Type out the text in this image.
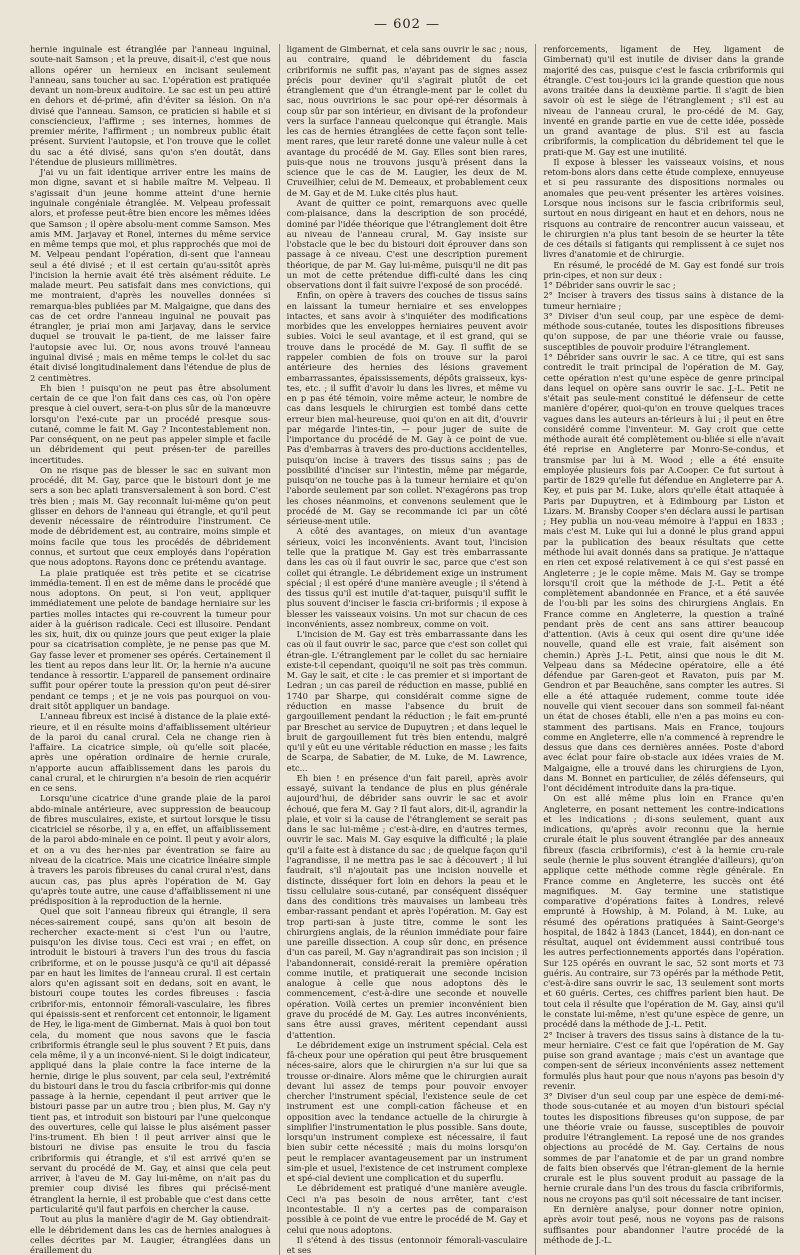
— 602 —

hernie inguinale est étranglée par l'anneau inguinal, soute-nait Samson ; et la preuve, disait-il, c'est que nous allons opérer un hernieux en incisant seulement l'anneau, sans toucher au sac. L'opération est pratiquée devant un nom-breux auditoire. Le sac est un peu attiré en dehors et dé-primé, afin d'éviter sa lésion. On n'a divisé que l'anneau. Samson, ce praticien si habile et si consciencieux, l'affirme ; ses internes, hommes de premier mérite, l'affirment ; un nombreux public était présent. Survient l'autopsie, et l'on trouve que le collet du sac a été divisé, sans qu'on s'en doutât, dans l'étendue de plusieurs millimètres.

J'ai vu un fait identique arriver entre les mains de mon digne, savant et si habile maître M. Velpeau. Il s'agissait d'un jeune homme atteint d'une hernie inguinale congéniale étranglée. M. Velpeau professait alors, et professe peut-être bien encore les mêmes idées que Samson ; il opère absolu-ment comme Samson. Mes amis MM. Jarjavay et Ronel, internes du même service en même temps que moi, et plus rapprochés que moi de M. Velpeau pendant l'opération, di-sent que l'anneau seul a été divisé ; et il est certain qu'au-ssitôt après l'incision la hernie avait été très aisément réduite. Le malade meurt. Peu satisfait dans mes convictions, qui me montraient, d'après les nouvelles données si remarqua-bles publiées par M. Malgaigne, que dans des cas de cet ordre l'anneau inguinal ne pouvait pas étrangler, je priai mon ami Jarjavay, dans le service duquel se trouvait le pa-tient, de me laisser faire l'autopsie avec lui. Or, nous avons trouvé l'anneau inguinal divisé ; mais en même temps le col-let du sac était divisé longitudinalement dans l'étendue de plus de 2 centimètres.

Eh bien ! puisqu'on ne peut pas être absolument certain de ce que l'on fait dans ces cas, où l'on opère presque à ciel ouvert, sera-t-on plus sûr de la manœuvre lorsqu'on l'exé-cute par un procédé presque sous-cutané, comme le fait M. Gay ? Incontestablement non. Par conséquent, on ne peut pas appeler simple et facile un débridement qui peut présen-ter de pareilles incertitudes.

On ne risque pas de blesser le sac en suivant mon procédé, dit M. Gay, parce que le bistouri dont je me sers a son bec aplati transversalement à son bord. C'est très bien ; mais M. Gay reconnaît lui-même qu'on peut glisser en dehors de l'anneau qui étrangle, et qu'il peut devenir nécessaire de réintroduire l'instrument. Ce mode de débridement est, au contraire, moins simple et moins facile que tous les procédés de débridement connus, et surtout que ceux employés dans l'opération que nous adoptons. Rayons donc ce prétendu avantage.

La plaie pratiquée est très petite et se cicatrise immédia-tement. Il en est de même dans le procédé que nous adoptons. On peut, si l'on veut, appliquer immédiatement une pelote de bandage herniaire sur les parties molles intactes qui re-couvrent la tumeur pour aider à la guérison radicale. Ceci est illusoire. Pendant les six, huit, dix ou quinze jours que peut exiger la plaie pour sa cicatrisation complète, je ne pense pas que M. Gay fasse lever et promener ses opérés. Certainement il les tient au repos dans leur lit. Or, la hernie n'a aucune tendance à ressortir. L'appareil de pansement ordinaire suffit pour opérer toute la pression qu'on peut dé-sirer pendant ce temps ; et je ne vois pas pourquoi on vou-drait sitôt appliquer un bandage.

L'anneau fibreux est incisé à distance de la plaie exté-rieure, et il en résulte moins d'affaiblissement ultérieur de la paroi du canal crural. Cela ne change rien à l'affaire. La cicatrice simple, où qu'elle soit placée, après une opération ordinaire de hernie crurale, n'apporte aucun affaiblissement dans les parois du canal crural, et le chirurgien n'a besoin de rien acquérir en ce sens.

Lorsqu'une cicatrice d'une grande plaie de la paroi abdo-minale antérieure, avec suppression de beaucoup de fibres musculaires, existe, et surtout lorsque le tissu cicatriciel se résorbe, il y a, en effet, un affaiblissement de la paroi abdo-minale en ce point. Il peut y avoir alors, et on a vu des her-nies par éventration se faire au niveau de la cicatrice. Mais une cicatrice linéaire simple à travers les parois fibreuses du canal crural n'est, dans aucun cas, pas plus après l'opération de M. Gay qu'après toute autre, une cause d'affaiblissement ni une prédisposition à la reproduction de la hernie.

Quel que soit l'anneau fibreux qui étrangle, il sera néces-sairement coupé, sans qu'on ait besoin de rechercher exacte-ment si c'est l'un ou l'autre, puisqu'on les divise tous. Ceci est vrai ; en effet, on introduit le bistouri à travers l'un des trous du fascia cribriforme, et on le pousse jusqu'à ce qu'il ait dépassé par en haut les limites de l'anneau crural. Il est certain alors qu'en agissant soit en dedans, soit en avant, le bistouri coupe toutes les cordes fibreuses : fascia cribrifor-mis, entonnoir fémorali-vasculaire, les fibres qui épaissis-sent et renforcent cet entonnoir, le ligament de Hey, le liga-ment de Gimbernat. Mais à quoi bon tout cela, du moment que nous savons que le fascia cribriformis étrangle seul le plus souvent ? Et puis, dans cela même, il y a un inconvé-nient. Si le doigt indicateur, appliqué dans la plaie contre la face interne de la hernie, dirige le plus souvent, par cela seul, l'extrémité du bistouri dans le trou du fascia cribrifor-mis qui donne passage à la hernie, cependant il peut arriver que le bistouri passe par un autre trou ; bien plus, M. Gay n'y tient pas, et introduit son bistouri par l'une quelconque des ouvertures, celle qui laisse le plus aisément passer l'ins-trument. Eh bien ! il peut arriver ainsi que le bistouri ne divise pas ensuite le trou du fascia cribriformis qui étrangle, et s'il est arrivé qu'en se servant du procédé de M. Gay, et ainsi que cela peut arriver, à l'aveu de M. Gay lui-même, on n'ait pas du premier coup divisé les fibres qui précisé-ment étranglent la hernie, il est probable que c'est dans cette particularité qu'il faut parfois en chercher la cause.

Tout au plus la manière d'agir de M. Gay obtiendrait-elle le débridement dans les cas de hernies analogues à celles décrites par M. Laugier, étranglées dans un éraillement du

ligament de Gimbernat, et cela sans ouvrir le sac ; nous, au contraire, quand le débridement du fascia cribriformis ne suffit pas, n'ayant pas de signes assez précis pour deviner qu'il s'agirait plutôt de cet étranglement que d'un étrangle-ment par le collet du sac, nous ouvririons le sac pour opé-rer désormais à coup sûr par son intérieur, en divisant de la profondeur vers la surface l'anneau quelconque qui étrangle. Mais les cas de hernies étranglées de cette façon sont telle-ment rares, que leur rareté donne une valeur nulle à cet avantage du procédé de M. Gay. Elles sont bien rares, puis-que nous ne trouvons jusqu'à présent dans la science que le cas de M. Laugier, les deux de M. Cruveilhier, celui de M. Demeaux, et probablement ceux de M. Gay et de M. Luke cités plus haut.

Avant de quitter ce point, remarquons avec quelle com-plaisance, dans la description de son procédé, dominé par l'idée théorique que l'étranglement doit être au niveau de l'anneau crural, M. Gay insiste sur l'obstacle que le bec du bistouri doit éprouver dans son passage à ce niveau. C'est une description purement théorique, de par M. Gay lui-même, puisqu'il ne dit pas un mot de cette prétendue diffi-culté dans les cinq observations dont il fait suivre l'exposé de son procédé.

Enfin, on opère à travers des couches de tissus sains en laissant la tumeur herniaire et ses enveloppes intactes, et sans avoir à s'inquiéter des modifications morbides que les enveloppes herniaires peuvent avoir subies. Voici le seul avantage, et il est grand, qui se trouve dans le procédé de M. Gay. Il suffit de se rappeler combien de fois on trouve sur la paroi antérieure des hernies des lésions gravement embarrassantes, épaississements, dépôts graisseux, kys-tes, etc. ; il suffit d'avoir lu dans les livres, et même vu en p pas été témoin, voire même acteur, le nombre de cas dans lesquels le chirurgien est tombé dans cette erreur bien mal-heureuse, quoi qu'on en ait dit, d'ouvrir par mégarde l'intes-tin, — pour juger de suite de l'importance du procédé de M. Gay à ce point de vue. Pas d'embarras à travers des pro-ductions accidentelles, puisqu'on incise à travers des tissus sains ; pas de possibilité d'inciser sur l'intestin, même par mégarde, puisqu'on ne touche pas à la tumeur herniaire et qu'on l'aborde seulement par son collet. N'exagérons pas trop les choses néanmoins, et convenons seulement que le procédé de M. Gay se recommande ici par un côté sérieuse-ment utile.

A côté des avantages, on mieux d'un avantage sérieux, voici les inconvénients. Avant tout, l'incision telle que la pratique M. Gay est très embarrassante dans les cas où il faut ouvrir le sac, parce que c'est son collet qui étrangle. Le débridement exige un instrument spécial ; il est opéré d'une manière aveugle ; il s'étend à des tissus qu'il est inutile d'at-taquer, puisqu'il suffit le plus souvent d'inciser le fascia cri-briformis ; il expose à blesser les vaisseaux voisins. Un mot sur chacun de ces inconvénients, assez nombreux, comme on voit.

L'incision de M. Gay est très embarrassante dans les cas où il faut ouvrir le sac, parce que c'est son collet qui étran-gle. L'étranglement par le collet du sac herniaire existe-t-il cependant, quoiqu'il ne soit pas très commun. M. Gay le sait, et cite : le cas premier et si important de Ledran ; un cas pareil de réduction en masse, publié en 1740 par Sharpe, qui considérait comme signe de réduction en masse l'absence du bruit de gargouillement pendant la réduction ; le fait em-prunté par Breschet au service de Dupuytren ; et dans lequel le bruit de gargouillement fut très bien entendu, malgré qu'il y eût eu une véritable réduction en masse ; les faits de Scarpa, de Sabatier, de M. Luke, de M. Lawrence, etc...

Eh bien ! en présence d'un fait pareil, après avoir essayé, suivant la tendance de plus en plus générale aujourd'hui, de débrider sans ouvrir le sac et avoir échoué, que fera M. Gay ? Il faut alors, dit-il, agrandir la plaie, et voir si la cause de l'étranglement se serait pas dans le sac lui-même ; c'est-à-dire, en d'autres termes, ouvrir le sac. Mais M. Gay esquive la difficulté ; la plaie qu'il a faite est à distance du sac ; de quelque façon qu'il l'agrandisse, il ne mettra pas le sac à découvert ; il lui faudrait, s'il n'ajoutait pas une incision nouvelle et distincte, disséquer fort loin en dehors la peau et le tissu cellulaire sous-cutané, par conséquent disséquer dans des conditions très mauvaises un lambeau très embar-rassant pendant et après l'opération. M. Gay est trop parti-san à juste titre, comme le sont les chirurgiens anglais, de la réunion immédiate pour faire une pareille dissection. A coup sûr donc, en présence d'un cas pareil, M. Gay n'agrandirait pas son incision ; il l'abandonnerait, considé-rerait la première opération comme inutile, et pratiquerait une seconde incision analogue à celle que nous adoptons dès le commencement, c'est-à-dire une seconde et nouvelle opération. Voilà certes un premier inconvénient bien grave du procédé de M. Gay. Les autres inconvénients, sans être aussi graves, méritent cependant aussi d'attention.

Le débridement exige un instrument spécial. Cela est fâ-cheux pour une opération qui peut être brusquement néces-saire, alors que le chirurgien n'a sur lui que sa trousse or-dinaire. Alors même que le chirurgien aurait devant lui assez de temps pour pouvoir envoyer chercher l'instrument spécial, l'existence seule de cet instrument est une compli-cation fâcheuse et en opposition avec la tendance actuelle de la chirurgie à simplifier l'instrumentation le plus possible. Sans doute, lorsqu'un instrument complexe est nécessaire, il faut bien subir cette nécessité ; mais du moins lorsqu'on peut le remplacer avantageusement par un instrument sim-ple et usuel, l'existence de cet instrument complexe et spé-cial devient une complication et du superflu.

Le débridement est pratiqué d'une manière aveugle. Ceci n'a pas besoin de nous arrêter, tant c'est incontestable. Il n'y a certes pas de comparaison possible à ce point de vue entre le procédé de M. Gay et celui que nous adoptons.

Il s'étend à des tissus (entonnoir fémorali-vasculaire et ses

renforcements, ligament de Hey, ligament de Gimbernat) qu'il est inutile de diviser dans la grande majorité des cas, puisque c'est le fascia cribriformis qui étrangle. C'est tou-jours ici la grande question que nous avons traitée dans la deuxième partie. Il s'agit de bien savoir où est le siège de l'étranglement ; s'il est au niveau de l'anneau crural, le pro-cédé de M. Gay, inventé en grande partie en vue de cette idée, possède un grand avantage de plus. S'il est au fascia cribriformis, la complication du débridement tel que le prati-que M. Gay est une inutilité.

Il expose à blesser les vaisseaux voisins, et nous retom-bons alors dans cette étude complexe, ennuyeuse et si peu rassurante des dispositions normales ou anomales que peu-vent présenter les artères voisines. Lorsque nous incisons sur le fascia cribriformis seul, surtout en nous dirigeant en haut et en dehors, nous ne risquons au contraire de rencontrer aucun vaisseau, et le chirurgien n'a plus tant besoin de se heurter la tête de ces détails si fatigants qui remplissent à ce sujet nos livres d'anatomie et de chirurgie.

En résumé, le procédé de M. Gay est fondé sur trois prin-cipes, et non sur deux :

1° Débrider sans ouvrir le sac ;

2° Inciser à travers des tissus sains à distance de la tumeur herniaire ;

3° Diviser d'un seul coup, par une espèce de demi-méthode sous-cutanée, toutes les dispositions fibreuses qu'on suppose, de par une théorie vraie ou fausse, susceptibles de pouvoir produire l'étranglement.

1° Débrider sans ouvrir le sac. A ce titre, qui est sans contredit le trait principal de l'opération de M. Gay, cette opération n'est qu'une espèce de genre principal dans lequel on opère sans ouvrir le sac. J.-L. Petit ne s'était pas seule-ment constitué le défenseur de cette manière d'opérer, quoi-qu'on en trouve quelques traces vagues dans les auteurs an-térieurs à lui ; il peut en être considéré comme l'inventeur. M. Gay croit que cette méthode aurait été complètement ou-bliée si elle n'avait été reprise en Angleterre par Monro-Se-condus, et transmise par lui à M. Wood ; elle a été ensuite employée plusieurs fois par A.Cooper. Ce fut surtout à partir de 1829 qu'elle fut défendue en Angleterre par A. Key, et puis par M. Luke, alors qu'elle était attaquée à Paris par Dupuytren, et à Edimbourg par Liston et Lizars. M. Bransby Cooper s'en déclara aussi le partisan ; Hey publia un nou-veau mémoire à l'appui en 1833 ; mais c'est M. Luke qui lui a donné le plus grand appui par la publication des beaux résultats que cette méthode lui avait donnés dans sa pratique. Je n'attaque en rien cet exposé relativement à ce qui s'est passé en Angleterre ; je le copie même. Mais M. Gay se trompe lorsqu'il croit que la méthode de J.-L. Petit a été complètement abandonnée en France, et a été sauvée de l'ou-bli par les soins des chirurgiens Anglais. En France comme en Angleterre, la question a traîné pendant près de cent ans sans attirer beaucoup d'attention. (Avis à ceux qui osent dire qu'une idée nouvelle, quand elle est vraie, fait aisément son chemin.) Après J.-L. Petit, ainsi que nous le dit M. Velpeau dans sa Médecine opératoire, elle a été défendue par Garen-geot et Ravaton, puis par M. Gendron et par Beauchêne, sans compter les autres. Si elle a été attaquée rudement, comme toute idée nouvelle qui vient secouer dans son sommeil fai-néant un état de choses établi, elle n'en a pas moins eu con-stamment des partisans. Mais en France, toujours comme en Angleterre, elle n'a commencé à reprendre le dessus que dans ces dernières années. Poste d'abord avec éclat pour faire ob-stacle aux idées vraies de M. Malgaigne, elle a trouvé dans les chirurgiens de Lyon, dans M. Bonnet en particulier, de zélés défenseurs, qui l'ont décidément introduite dans la pra-tique.

On est allé même plus loin en France qu'en Angleterre, en posant nettement les contre-indications et les indications ; di-sons seulement, quant aux indications, qu'après avoir reconnu que la hernie crurale était le plus souvent étranglée par des anneaux fibreux (fascia cribriformis), c'est à la hernie cru-rale seule (hernie le plus souvent étranglée d'ailleurs), qu'on applique cette méthode comme règle générale. En France comme en Angleterre, les succès ont été magnifiques. M. Gay termine une statistique comparative d'opérations faites à Londres, relevé emprunté à Howship, à M. Poland, à M. Luke, au résumé des opérations pratiquées à Saint-George's hospital, de 1842 à 1843 (Lancet, 1844), en don-nant ce résultat, auquel ont évidemment aussi contribué tous les autres perfectionnements apportés dans l'opération. Sur 125 opérés en ouvrant le sac, 52 sont morts et 73 guéris. Au contraire, sur 73 opérés par la méthode Petit, c'est-à-dire sans ouvrir le sac, 13 seulement sont morts et 60 guéris. Certes, ces chiffres parlent bien haut. De tout cela il résulte que l'opération de M. Gay, ainsi qu'il le constate lui-même, n'est qu'une espèce de genre, un procédé dans la méthode de J.-L. Petit.

2° Inciser à travers des tissus sains à distance de la tu-meur herniaire. C'est ce fait que l'opération de M. Gay puise son grand avantage ; mais c'est un avantage que compen-sent de sérieux inconvénients assez nettement formulés plus haut pour que nous n'ayons pas besoin d'y revenir.

3° Diviser d'un seul coup par une espèce de demi-mé-thode sous-cutanée et au moyen d'un bistouri spécial toutes les dispositions fibreuses qu'on suppose, de par une théorie vraie ou fausse, susceptibles de pouvoir produire l'étranglement. La reposé une de nos grandes objections au procédé de M. Gay. Certains de nous sommes de par l'anatomie et de par un grand nombre de faits bien observés que l'étran-glement de la hernie crurale est le plus souvent produit au passage de la hernie crurale dans l'un des trous du fascia cribriformis, nous ne croyons pas qu'il soit nécessaire de tant inciser.

En dernière analyse, pour donner notre opinion, après avoir tout pesé, nous ne voyons pas de raisons suffisantes pour abandonner l'autre procédé de la méthode de J.-L.
